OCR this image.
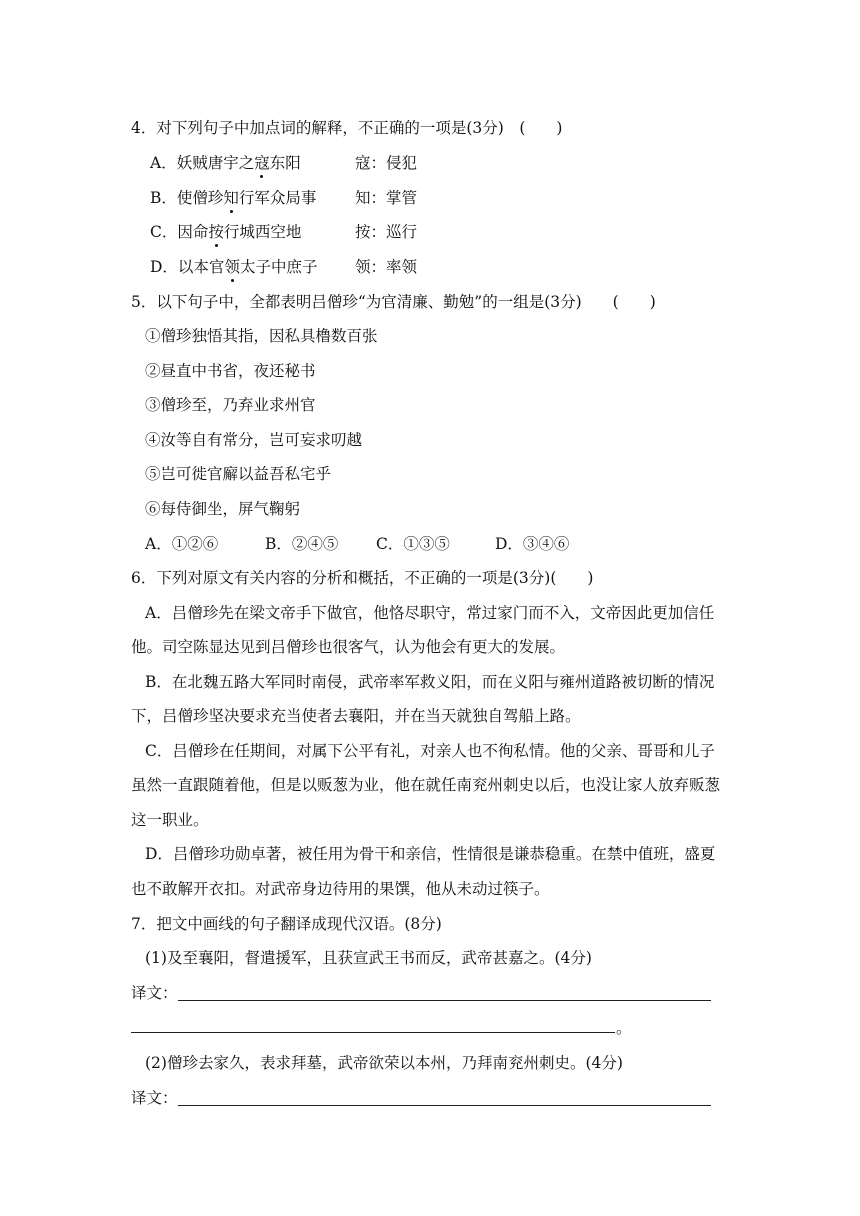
4．对下列句子中加点词的解释，不正确的一项是(3分)　(　　)
A．妖贼唐宇之寇东阳	寇：侵犯
B．使僧珍知行军众局事 知：掌管
C．因命按行城西空地	按：巡行
D．以本官领太子中庶子 领：率领
5．以下句子中，全都表明吕僧珍“为官清廉、勤勉”的一组是(3分)　　(　　)
①僧珍独悟其指，因私具橹数百张
②昼直中书省，夜还秘书
③僧珍至，乃弃业求州官
④汝等自有常分，岂可妄求叨越
⑤岂可徙官廨以益吾私宅乎
⑥每侍御坐，屏气鞠躬
A．①②⑥	B．②④⑤ C．①③⑤	D．③④⑥
6．下列对原文有关内容的分析和概括，不正确的一项是(3分)(　　)
A．吕僧珍先在梁文帝手下做官，他恪尽职守，常过家门而不入，文帝因此更加信任
他。司空陈显达见到吕僧珍也很客气，认为他会有更大的发展。
B．在北魏五路大军同时南侵，武帝率军救义阳，而在义阳与雍州道路被切断的情况
下，吕僧珍坚决要求充当使者去襄阳，并在当天就独自驾船上路。
C．吕僧珍在任期间，对属下公平有礼，对亲人也不徇私情。他的父亲、哥哥和儿子
虽然一直跟随着他，但是以贩葱为业，他在就任南兖州刺史以后，也没让家人放弃贩葱
这一职业。
D．吕僧珍功勋卓著，被任用为骨干和亲信，性情很是谦恭稳重。在禁中值班，盛夏
也不敢解开衣扣。对武帝身边待用的果馔，他从未动过筷子。
7．把文中画线的句子翻译成现代汉语。(8分)
(1)及至襄阳，督遣援军，且获宣武王书而反，武帝甚嘉之。(4分)
译文：
。
(2)僧珍去家久，表求拜墓，武帝欲荣以本州，乃拜南兖州刺史。(4分)
译文：
